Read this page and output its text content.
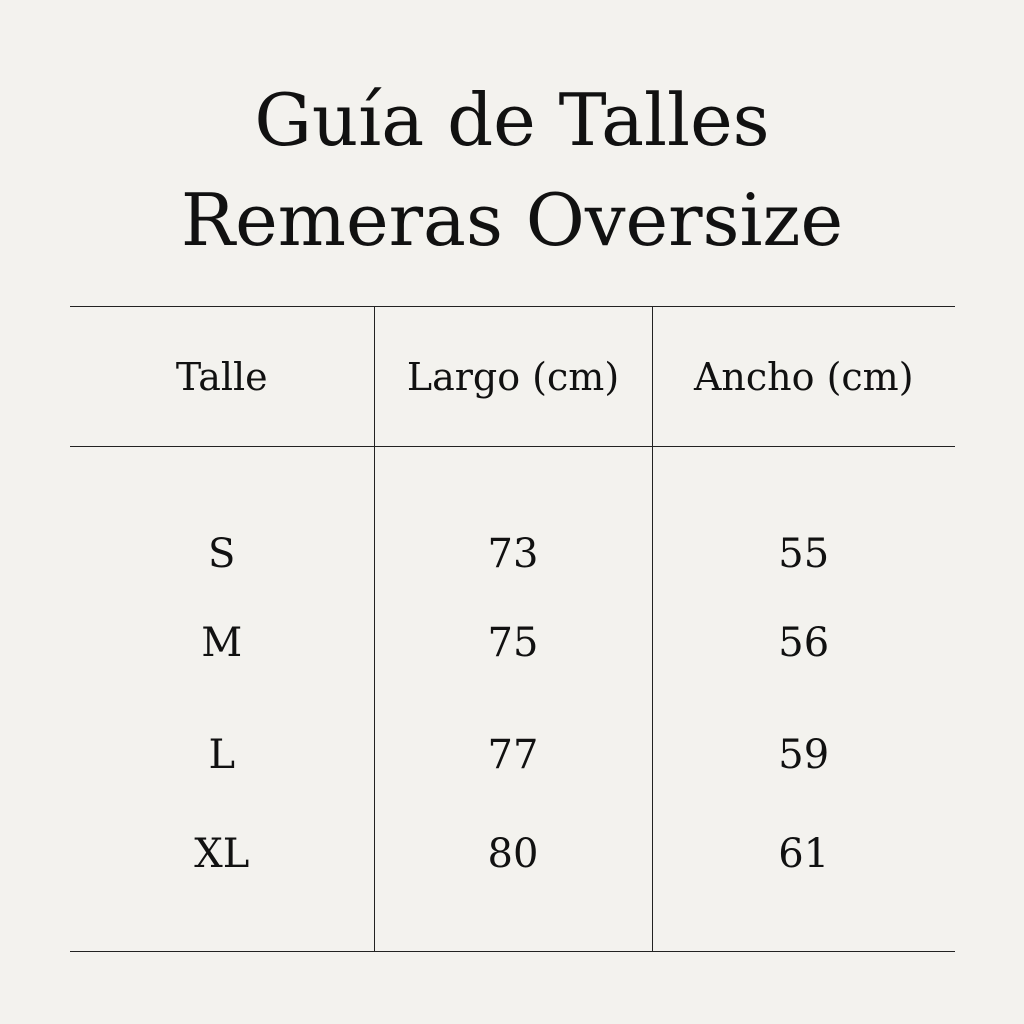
Guía de Talles
Remeras Oversize
Talle	Largo (cm)	Ancho (cm)
S	73	55
M	75	56
L	77	59
XL	80	61
